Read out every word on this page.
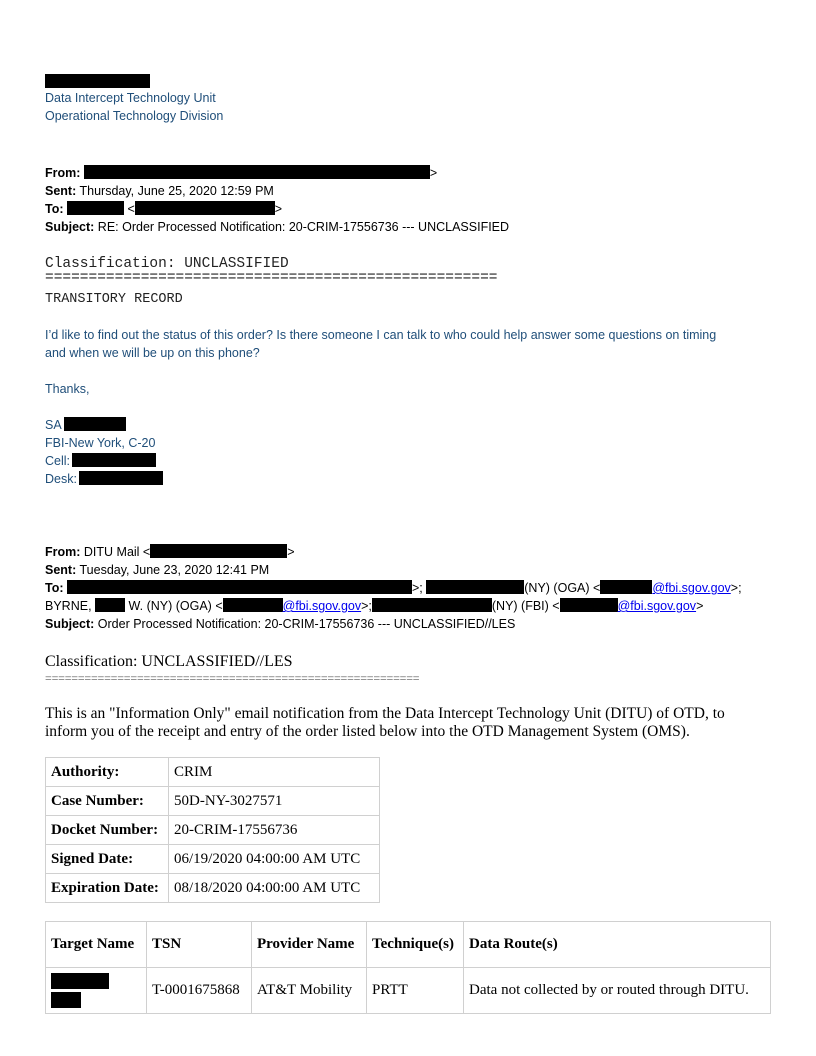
Data Intercept Technology Unit
Operational Technology Division
From:	>
Sent: Thursday, June 25, 2020 12:59 PM
To:	<	>
Subject: RE: Order Processed Notification: 20-CRIM-17556736 --- UNCLASSIFIED
Classification: UNCLASSIFIED
====================================================
TRANSITORY RECORD
I’d like to find out the status of this order? Is there someone I can talk to who could help answer some questions on timing
and when we will be up on this phone?
Thanks,
SA
FBI-New York, C-20
Cell:
Desk:
From: DITU Mail <	>
Sent: Tuesday, June 23, 2020 12:41 PM
To:	>;	(NY) (OGA) <	@fbi.sgov.gov>;
BYRNE,	W. (NY) (OGA) <	@fbi.sgov.gov>;	(NY) (FBI) <	@fbi.sgov.gov>
Subject: Order Processed Notification: 20-CRIM-17556736 --- UNCLASSIFIED//LES
Classification: UNCLASSIFIED//LES
=========================================================
This is an "Information Only" email notification from the Data Intercept Technology Unit (DITU) of OTD, to
inform you of the receipt and entry of the order listed below into the OTD Management System (OMS).
Authority:	CRIM
Case Number:	50D-NY-3027571
Docket Number:	20-CRIM-17556736
Signed Date:	06/19/2020 04:00:00 AM UTC
Expiration Date:	08/18/2020 04:00:00 AM UTC
Target Name	TSN	Provider Name	Technique(s)	Data Route(s)

	T-0001675868	AT&T Mobility	PRTT	Data not collected by or routed through DITU.
